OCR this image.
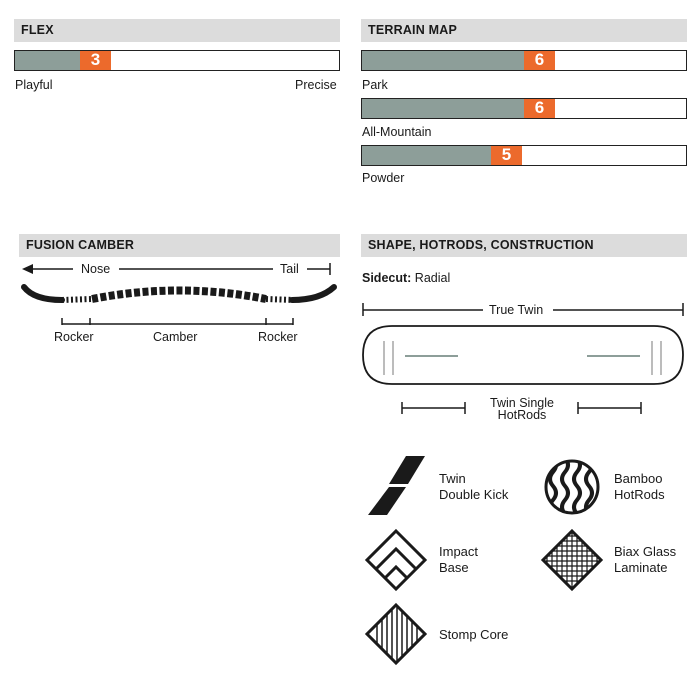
FLEX
3
Playful	Precise
TERRAIN MAP
6
Park
6
All-Mountain
5
Powder
FUSION CAMBER
Nose	Tail
Rocker	Camber	Rocker
SHAPE, HOTRODS, CONSTRUCTION
Sidecut: Radial
True Twin
Twin Single
HotRods
Twin
Double Kick
Bamboo
HotRods
Impact
Base
Biax Glass
Laminate
Stomp Core
